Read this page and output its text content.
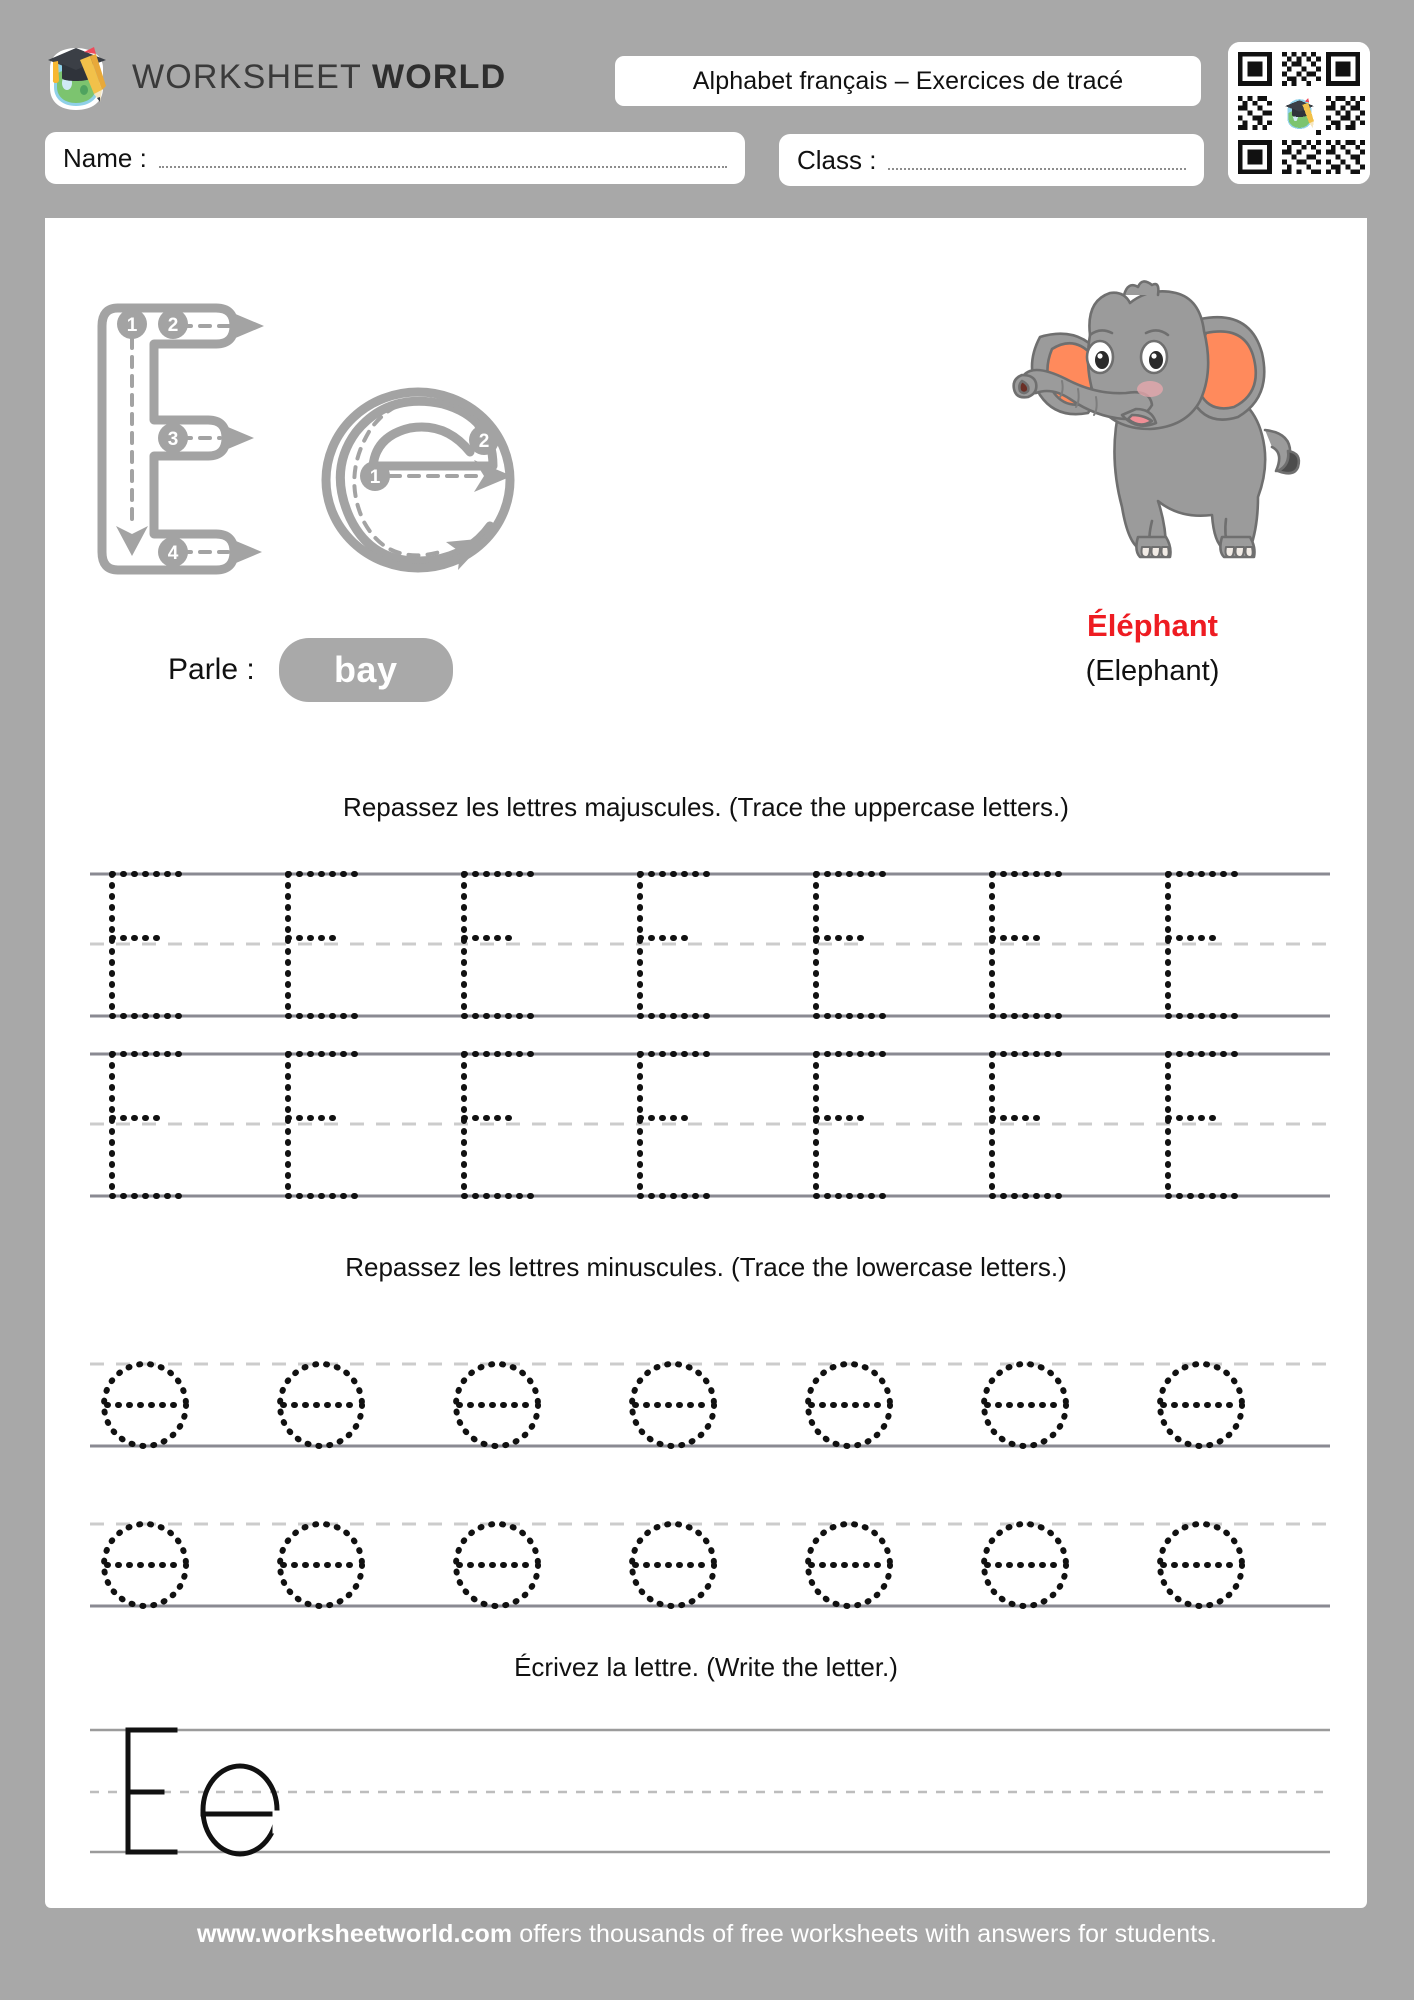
WORKSHEET WORLD	Alphabet français – Exercices de tracé
Name :	Class :
1 2
3
4
1
2
Parle : bay
Éléphant
(Elephant)
Repassez les lettres majuscules. (Trace the uppercase letters.)
Repassez les lettres minuscules. (Trace the lowercase letters.)
Écrivez la lettre. (Write the letter.)
www.worksheetworld.com offers thousands of free worksheets with answers for students.
